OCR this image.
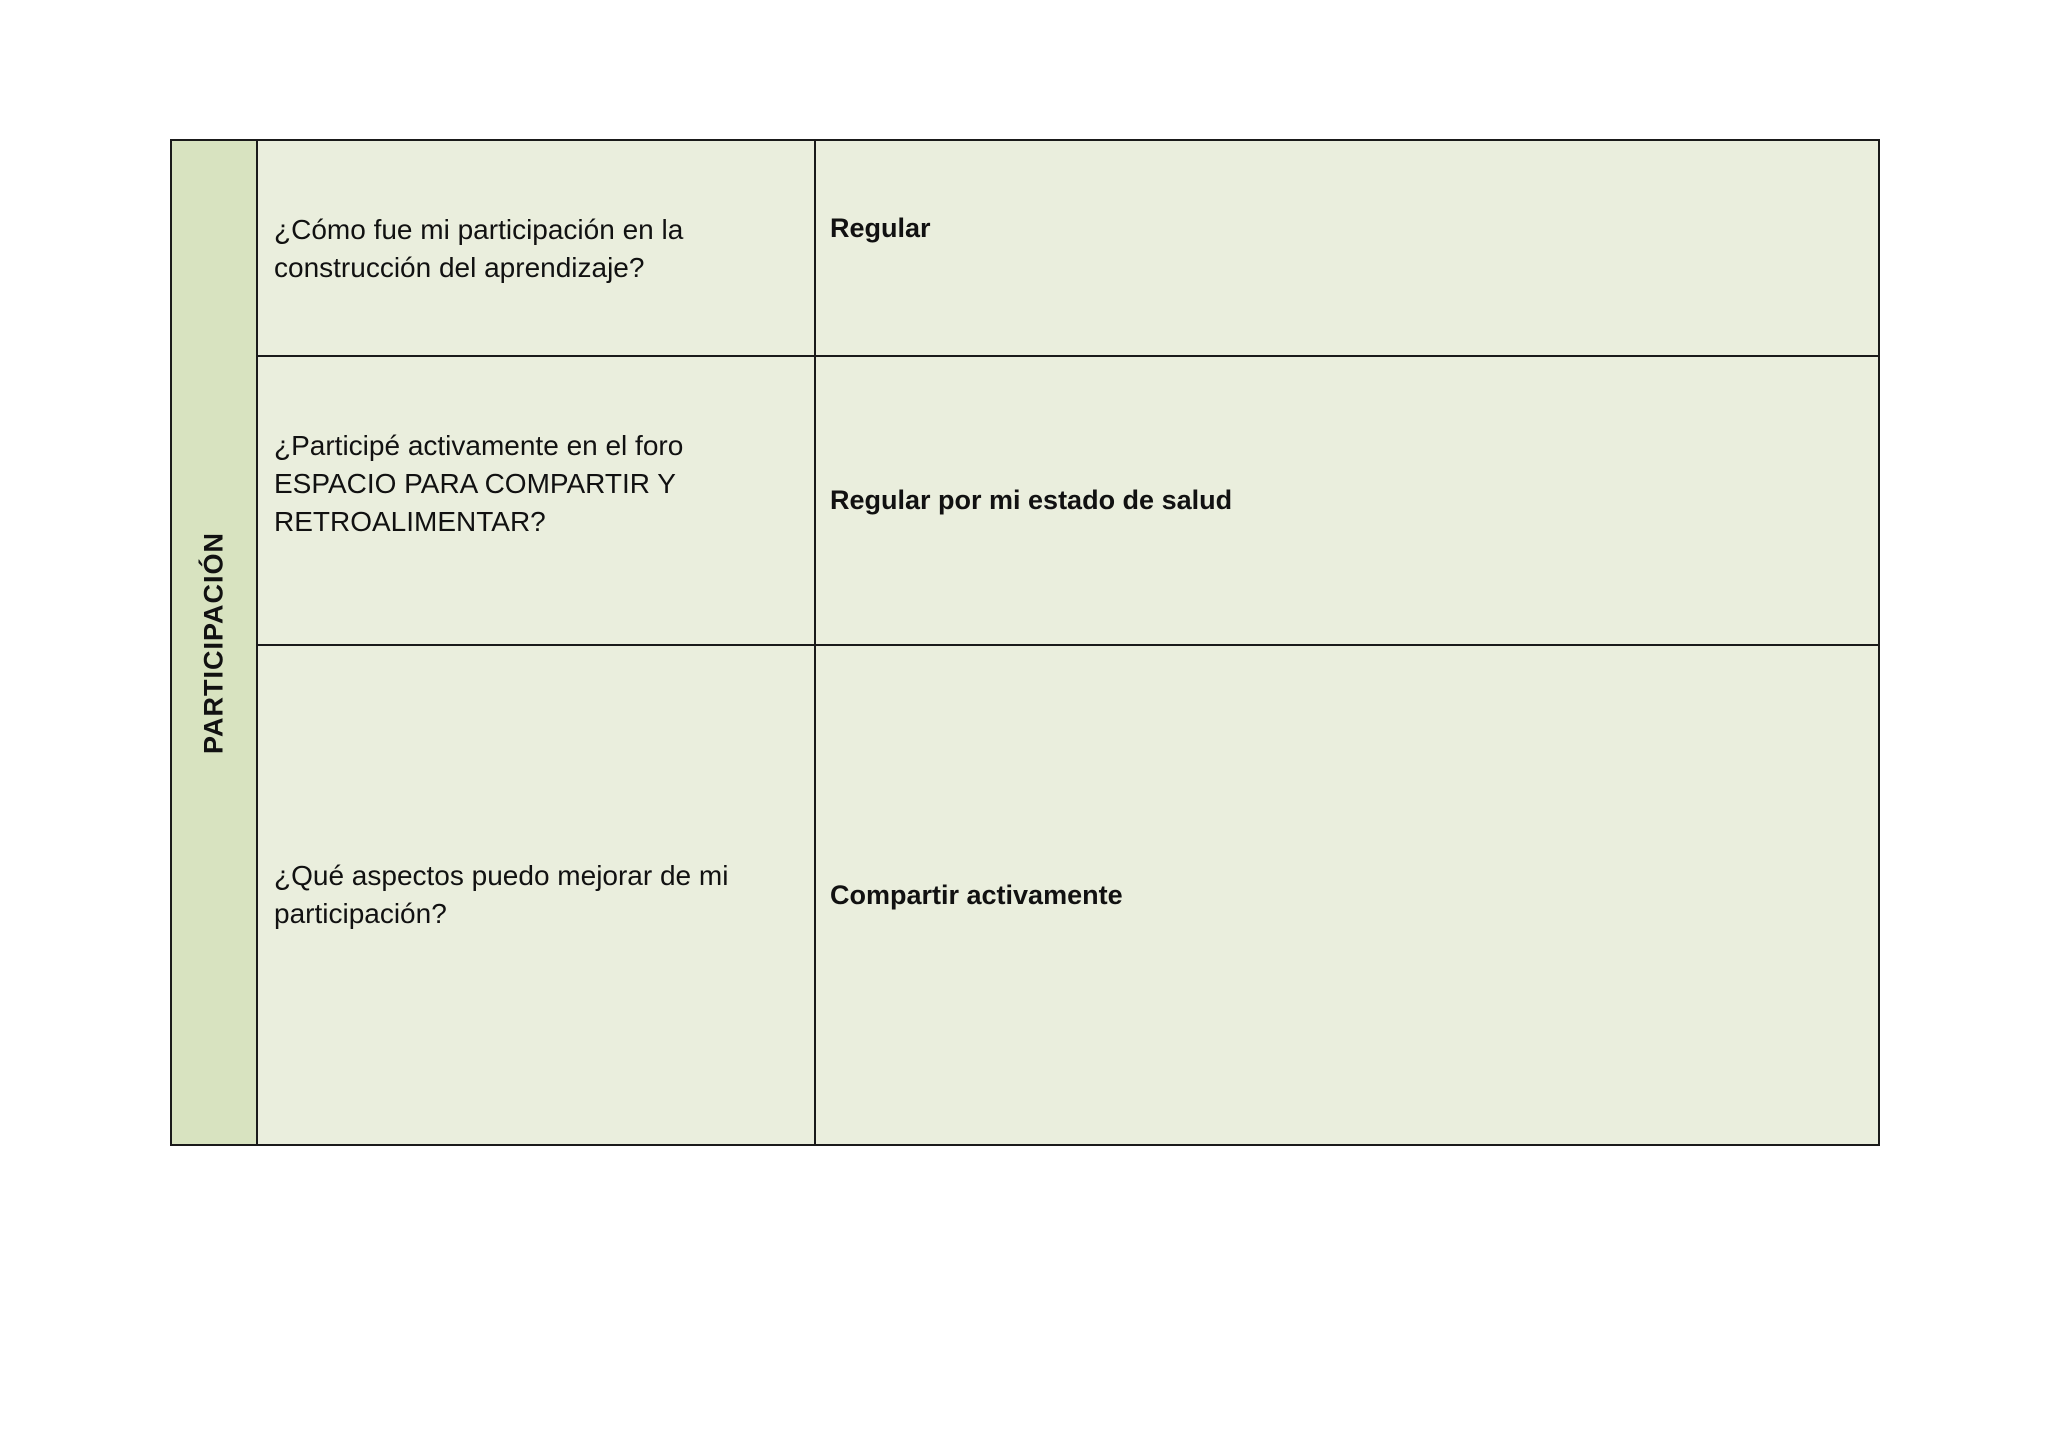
PARTICIPACIÓN
¿Cómo fue mi participación en la construcción del aprendizaje?
Regular
¿Participé activamente en el foro ESPACIO PARA COMPARTIR Y RETROALIMENTAR?
Regular por mi estado de salud
¿Qué aspectos puedo mejorar de mi participación?
Compartir activamente
